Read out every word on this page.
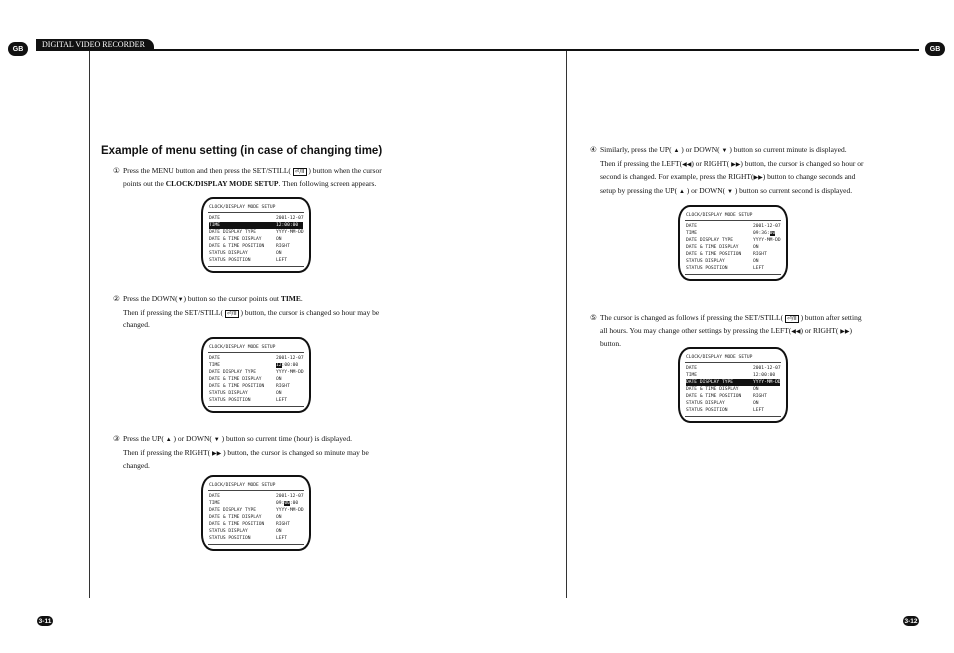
GB	DIGITAL VIDEO RECORDER	GB
3-11	3-12
Example of menu setting (in case of changing time)
① Press the MENU button and then press the SET/STILL( ⏎/II ) button when the cursor
points out the CLOCK/DISPLAY MODE SETUP. Then following screen appears.
CLOCK/DISPLAY MODE SETUP
DATE	2001-12-07
TIME	12:00:00
DATE DISPLAY TYPE	YYYY-MM-DD
DATE & TIME DISPLAY	ON
DATE & TIME POSITION	RIGHT
STATUS DISPLAY	ON
STATUS POSITION	LEFT
② Press the DOWN(▼) button so the cursor points out TIME.
Then if pressing the SET/STILL( ⏎/II ) button, the cursor is changed so hour may be
changed.
CLOCK/DISPLAY MODE SETUP
DATE	2001-12-07
TIME	12:00:00
DATE DISPLAY TYPE	YYYY-MM-DD
DATE & TIME DISPLAY	ON
DATE & TIME POSITION	RIGHT
STATUS DISPLAY	ON
STATUS POSITION	LEFT
③ Press the UP( ▲ ) or DOWN( ▼ ) button so current time (hour) is displayed.
Then if pressing the RIGHT( ▶▶ ) button, the cursor is changed so minute may be
changed.
CLOCK/DISPLAY MODE SETUP
DATE	2001-12-07
TIME	09:00:00
DATE DISPLAY TYPE	YYYY-MM-DD
DATE & TIME DISPLAY	ON
DATE & TIME POSITION	RIGHT
STATUS DISPLAY	ON
STATUS POSITION	LEFT
④ Similarly, press the UP( ▲ ) or DOWN( ▼ ) button so current minute is displayed.
Then if pressing the LEFT(◀◀) or RIGHT( ▶▶) button, the cursor is changed so hour or
second is changed. For example, press the RIGHT(▶▶) button to change seconds and
setup by pressing the UP( ▲ ) or DOWN( ▼ ) button so current second is displayed.
CLOCK/DISPLAY MODE SETUP
DATE	2001-12-07
TIME	09:36:00
DATE DISPLAY TYPE	YYYY-MM-DD
DATE & TIME DISPLAY	ON
DATE & TIME POSITION	RIGHT
STATUS DISPLAY	ON
STATUS POSITION	LEFT
⑤ The cursor is changed as follows if pressing the SET/STILL( ⏎/II ) button after setting
all hours. You may change other settings by pressing the LEFT(◀◀) or RIGHT( ▶▶)
button.
CLOCK/DISPLAY MODE SETUP
DATE	2001-12-07
TIME	12:00:00
DATE DISPLAY TYPE	YYYY-MM-DD
DATE & TIME DISPLAY	ON
DATE & TIME POSITION	RIGHT
STATUS DISPLAY	ON
STATUS POSITION	LEFT
